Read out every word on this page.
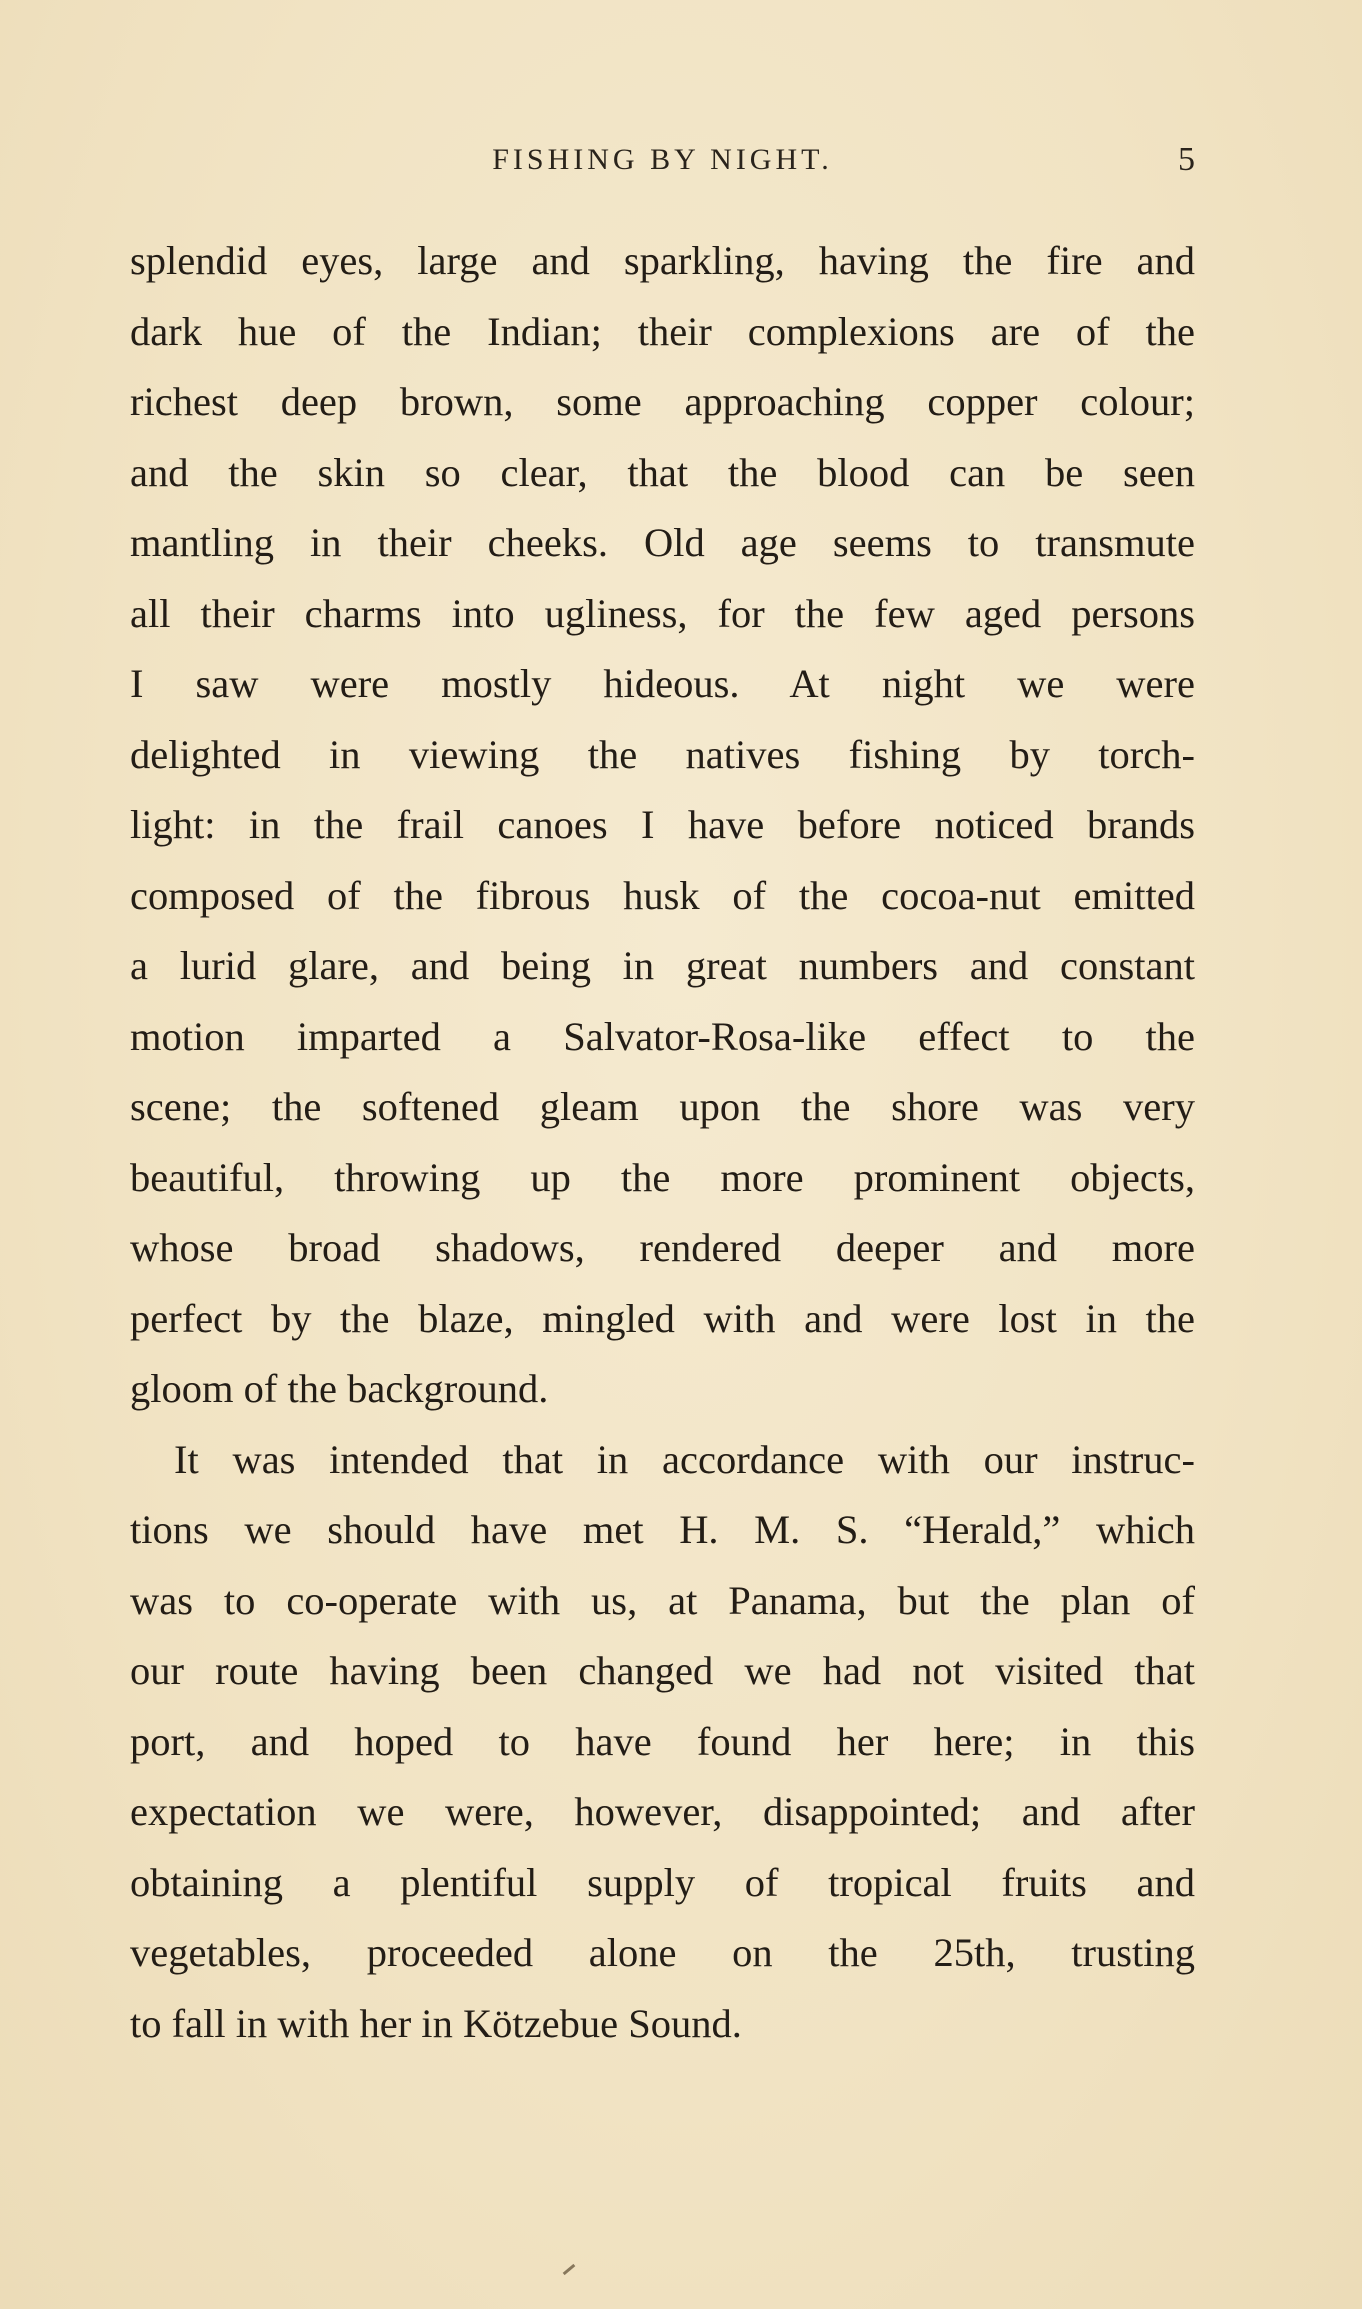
FISHING BY NIGHT.	5
splendid eyes, large and sparkling, having the fire and
dark hue of the Indian; their complexions are of the
richest deep brown, some approaching copper colour;
and the skin so clear, that the blood can be seen
mantling in their cheeks. Old age seems to transmute
all their charms into ugliness, for the few aged persons
I saw were mostly hideous. At night we were
delighted in viewing the natives fishing by torch-
light: in the frail canoes I have before noticed brands
composed of the fibrous husk of the cocoa-nut emitted
a lurid glare, and being in great numbers and constant
motion imparted a Salvator-Rosa-like effect to the
scene; the softened gleam upon the shore was very
beautiful, throwing up the more prominent objects,
whose broad shadows, rendered deeper and more
perfect by the blaze, mingled with and were lost in the
gloom of the background.
It was intended that in accordance with our instruc-
tions we should have met H. M. S. “Herald,” which
was to co-operate with us, at Panama, but the plan of
our route having been changed we had not visited that
port, and hoped to have found her here; in this
expectation we were, however, disappointed; and after
obtaining a plentiful supply of tropical fruits and
vegetables, proceeded alone on the 25th, trusting
to fall in with her in Kötzebue Sound.
